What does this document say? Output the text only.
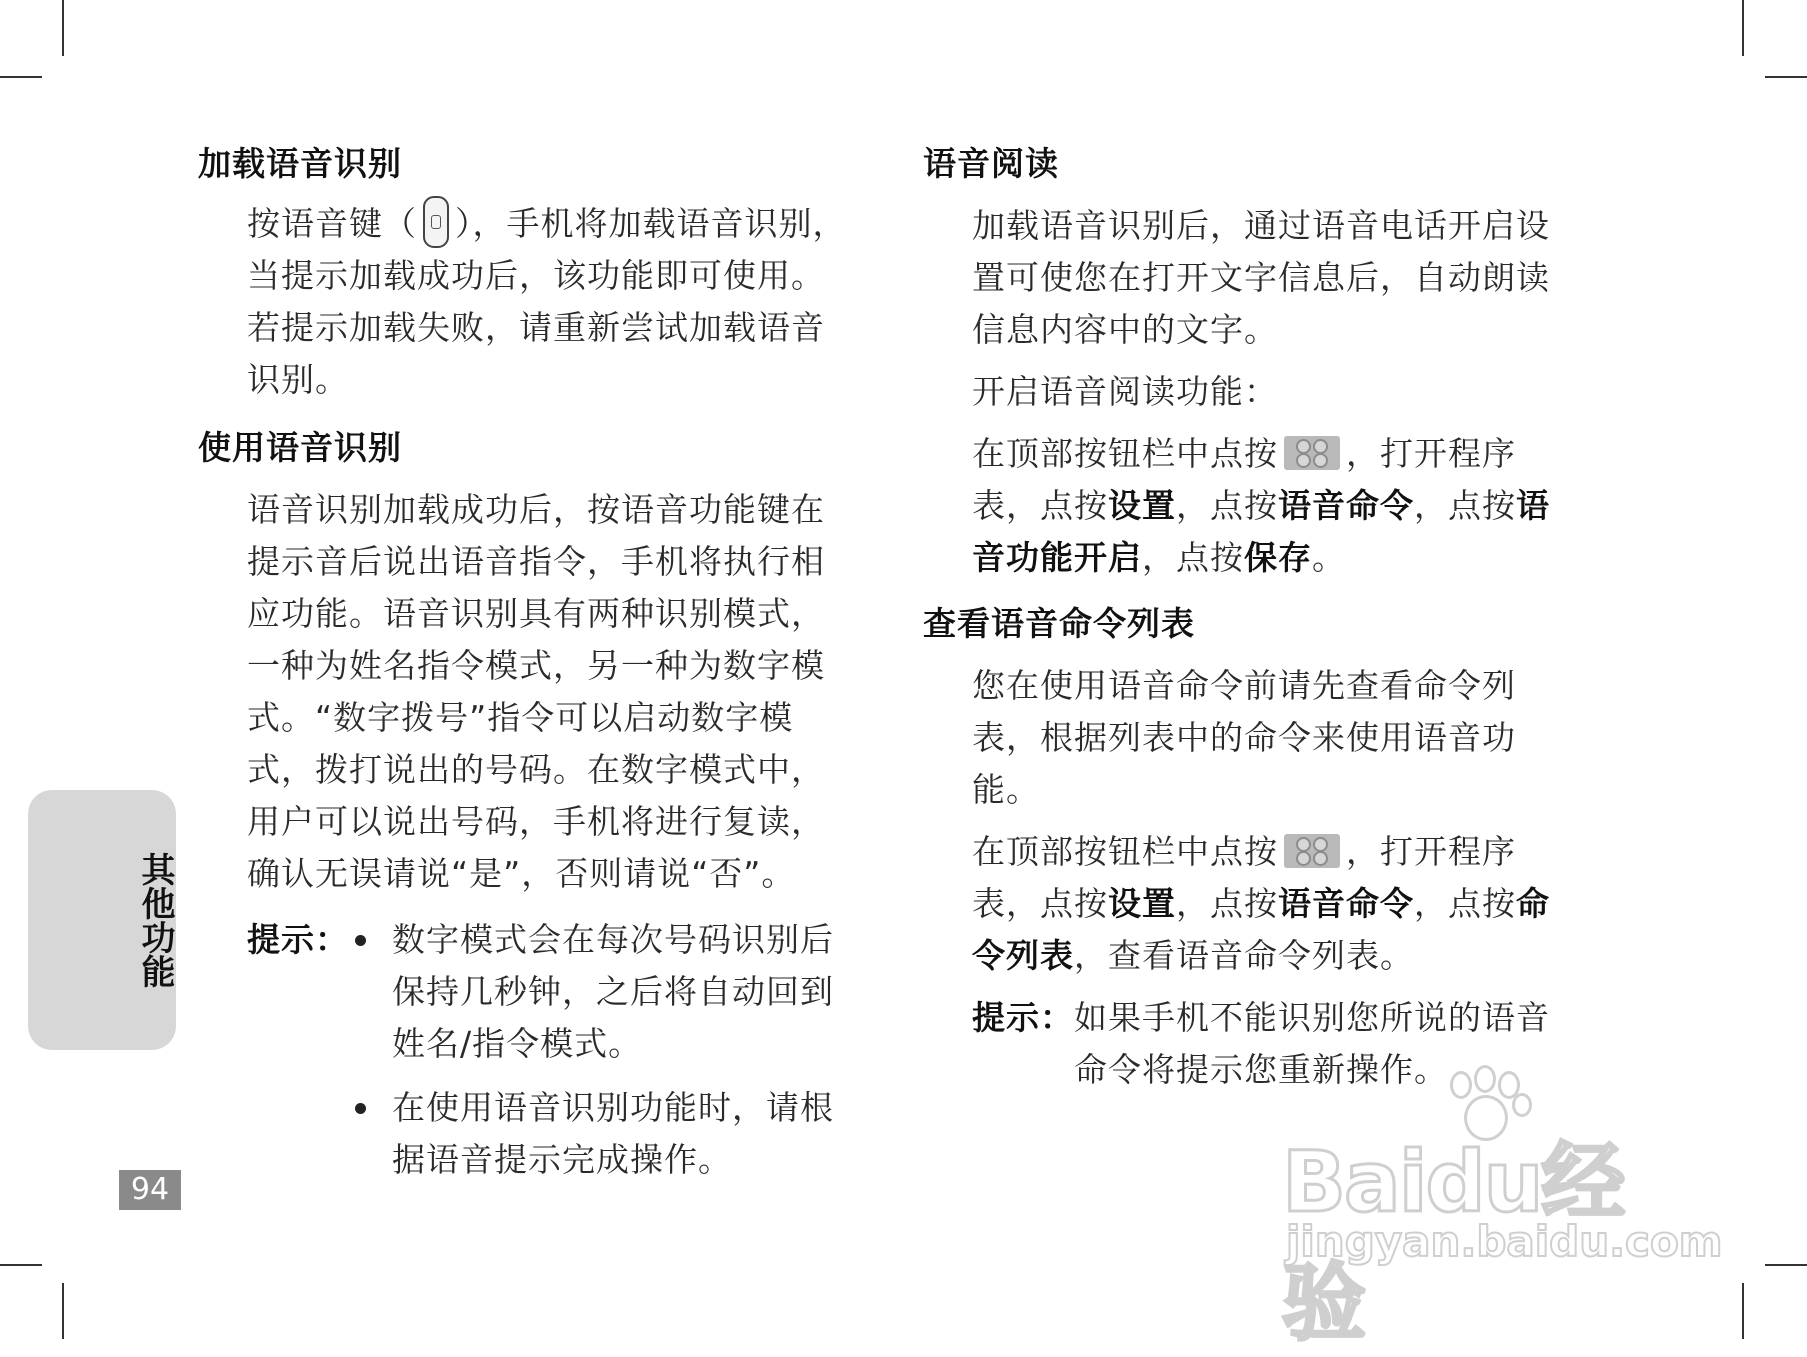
加载语音识别

按语音键（ ），手机将加载语音识别，当提示加载成功后，该功能即可使用。若提示加载失败，请重新尝试加载语音识别。

使用语音识别

语音识别加载成功后，按语音功能键在提示音后说出语音指令，手机将执行相应功能。语音识别具有两种识别模式，一种为姓名指令模式，另一种为数字模式。“数字拨号”指令可以启动数字模式，拨打说出的号码。在数字模式中，用户可以说出号码，手机将进行复读，确认无误请说“是”，否则请说“否”。

提示：	数字模式会在每次号码识别后保持几秒钟，之后将自动回到姓名/指令模式。
在使用语音识别功能时，请根据语音提示完成操作。
语音阅读

加载语音识别后，通过语音电话开启设置可使您在打开文字信息后，自动朗读信息内容中的文字。

开启语音阅读功能：

在顶部按钮栏中点按 ，打开程序表，点按设置，点按语音命令，点按语音功能开启，点按保存。

查看语音命令列表

您在使用语音命令前请先查看命令列表，根据列表中的命令来使用语音功能。

在顶部按钮栏中点按 ，打开程序表，点按设置，点按语音命令，点按命令列表，查看语音命令列表。

提示： 如果手机不能识别您所说的语音命令将提示您重新操作。
其他功能
94	Baidu经验
jingyan.baidu.com
